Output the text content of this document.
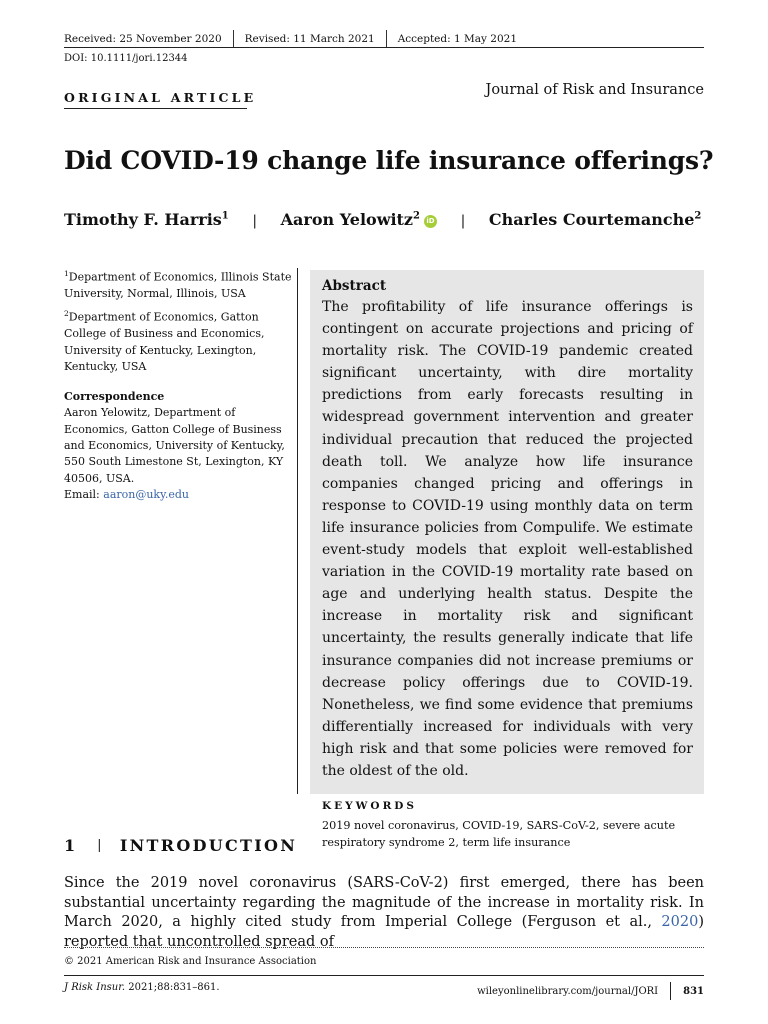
Received: 25 November 2020 Revised: 11 March 2021 Accepted: 1 May 2021
DOI: 10.1111/jori.12344
ORIGINAL ARTICLE	Journal of Risk and Insurance
Did COVID-19 change life insurance offerings?
Timothy F. Harris$^1$ | Aaron Yelowitz$^2$ iD | Charles Courtemanche$^2$

$^1$Department of Economics, Illinois State University, Normal, Illinois, USA

$^2$Department of Economics, Gatton College of Business and Economics, University of Kentucky, Lexington, Kentucky, USA

Correspondence
Aaron Yelowitz, Department of Economics, Gatton College of Business and Economics, University of Kentucky, 550 South Limestone St, Lexington, KY 40506, USA.
Email: aaron@uky.edu
Abstract
The profitability of life insurance offerings is contingent on accurate projections and pricing of mortality risk. The COVID-19 pandemic created significant uncertainty, with dire mortality predictions from early forecasts resulting in widespread government intervention and greater individual precaution that reduced the projected death toll. We analyze how life insurance companies changed pricing and offerings in response to COVID-19 using monthly data on term life insurance policies from Compulife. We estimate event-study models that exploit well-established variation in the COVID-19 mortality rate based on age and underlying health status. Despite the increase in mortality risk and significant uncertainty, the results generally indicate that life insurance companies did not increase premiums or decrease policy offerings due to COVID-19. Nonetheless, we find some evidence that premiums differentially increased for individuals with very high risk and that some policies were removed for the oldest of the old.
KEYWORDS
2019 novel coronavirus, COVID-19, SARS-CoV-2, severe acute respiratory syndrome 2, term life insurance
1 | INTRODUCTION
Since the 2019 novel coronavirus (SARS-CoV-2) first emerged, there has been substantial uncertainty regarding the magnitude of the increase in mortality risk. In March 2020, a highly cited study from Imperial College (Ferguson et al., 2020) reported that uncontrolled spread of
© 2021 American Risk and Insurance Association
J Risk Insur. 2021;88:831–861.	wileyonlinelibrary.com/journal/JORI	831
